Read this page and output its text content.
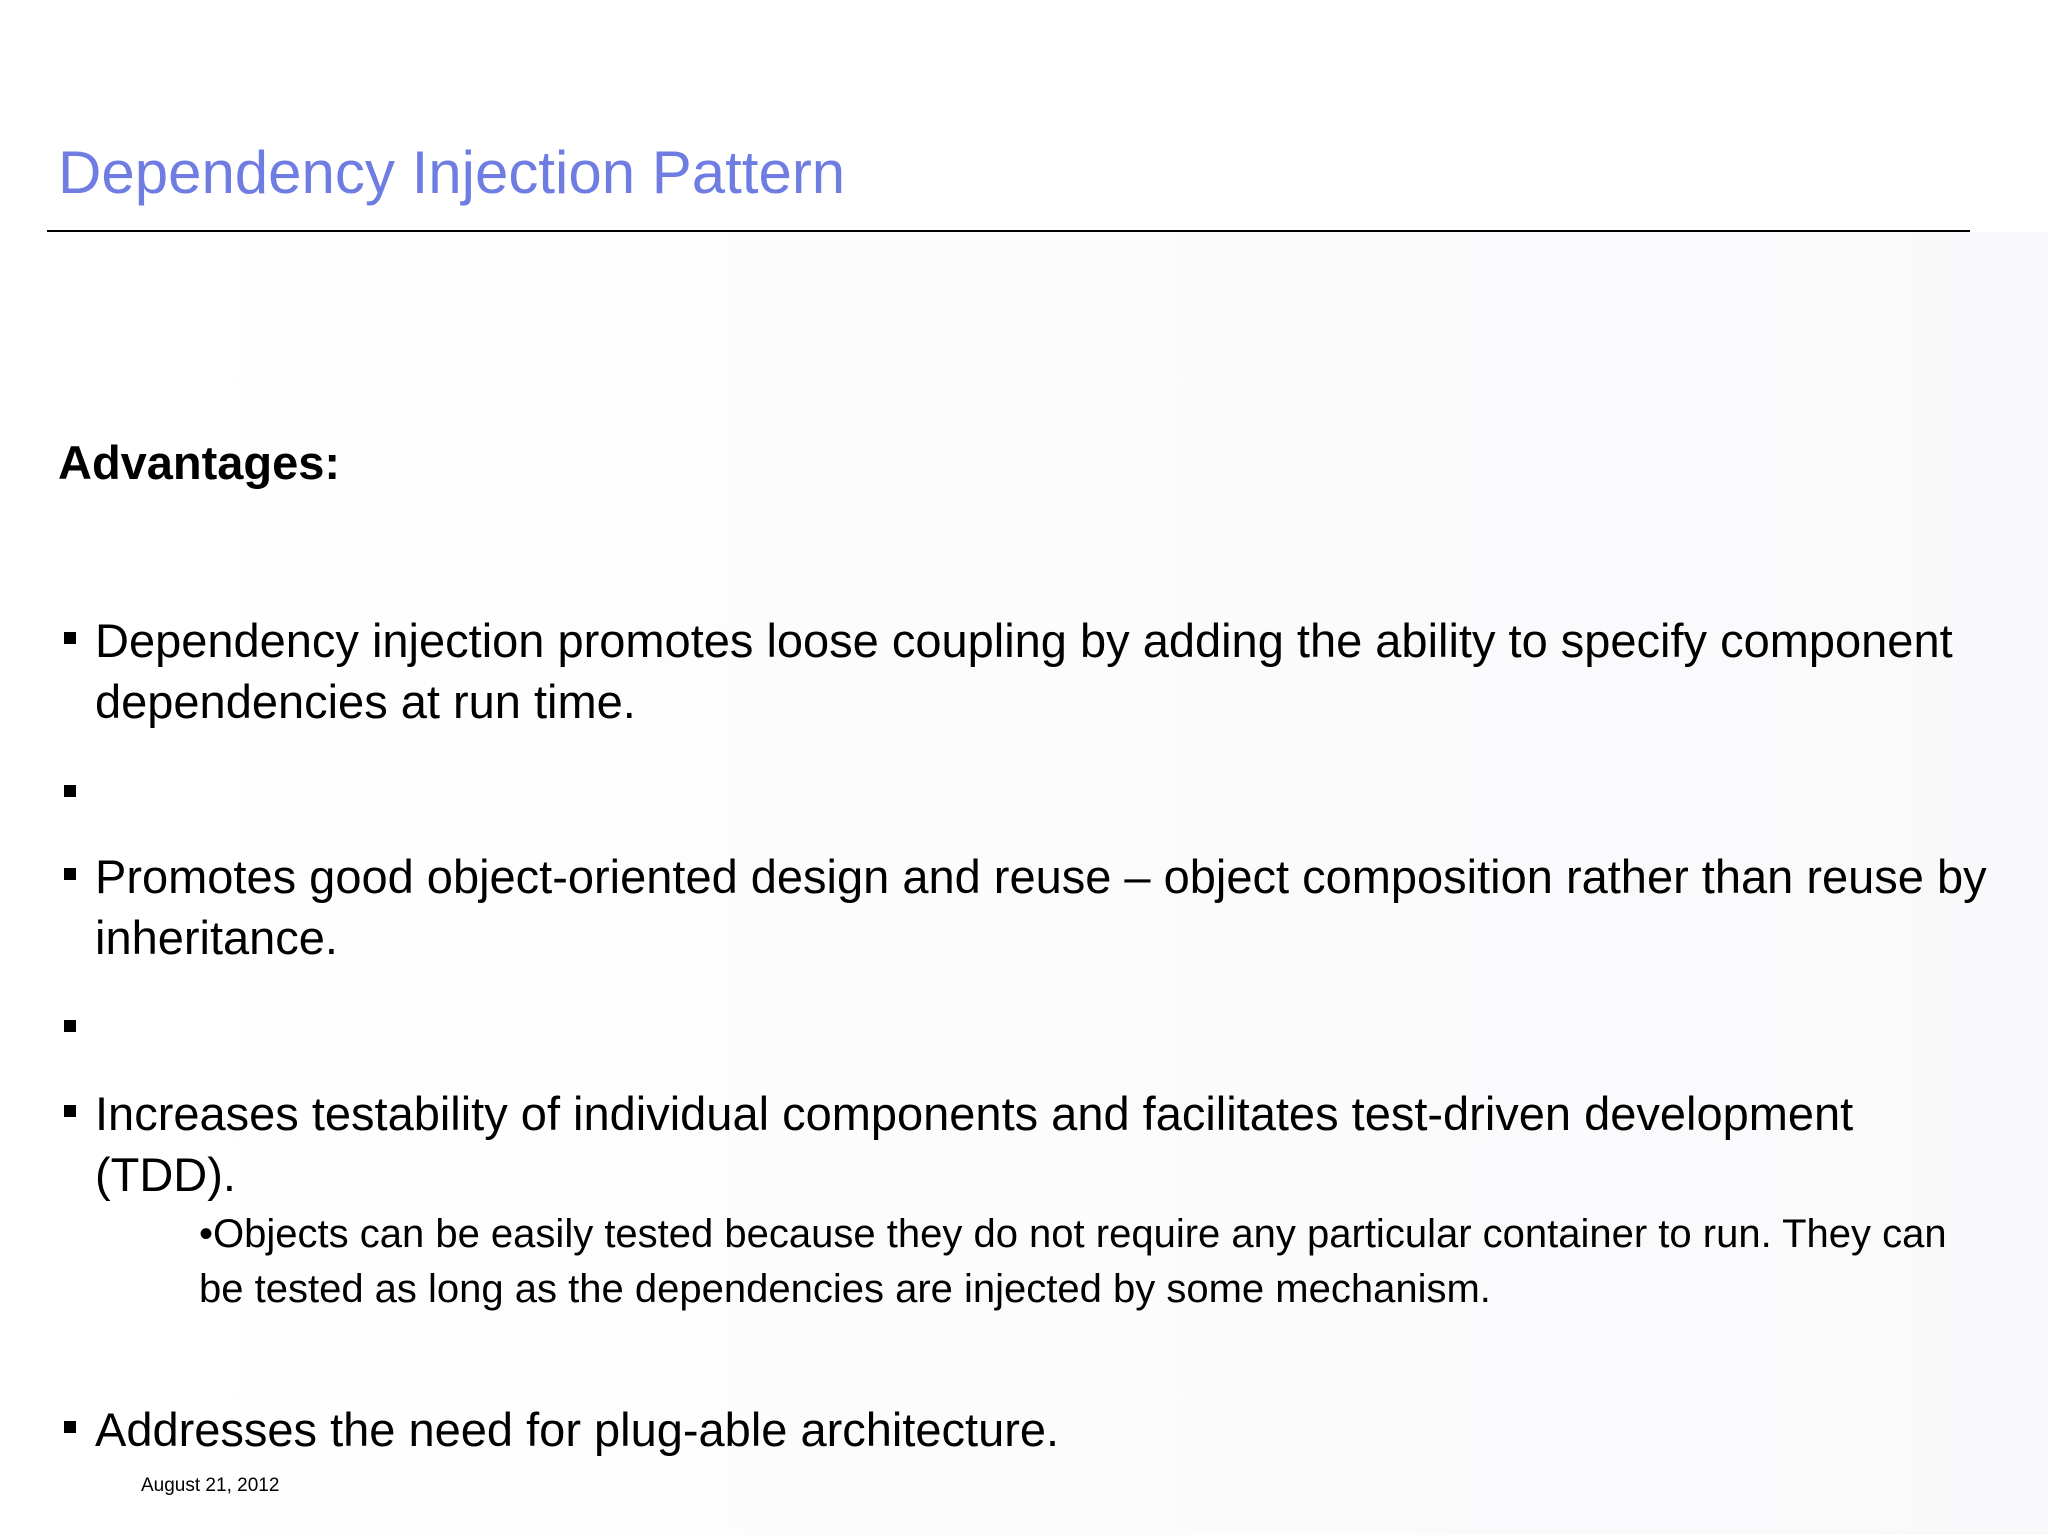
Dependency Injection Pattern
Advantages:
Dependency injection promotes loose coupling by adding the ability to specify component dependencies at run time.
Promotes good object-oriented design and reuse – object composition rather than reuse by inheritance.
Increases testability of individual components and facilitates test-driven development (TDD).
•Objects can be easily tested because they do not require any particular container to run. They can be tested as long as the dependencies are injected by some mechanism.
Addresses the need for plug-able architecture.
August 21, 2012
